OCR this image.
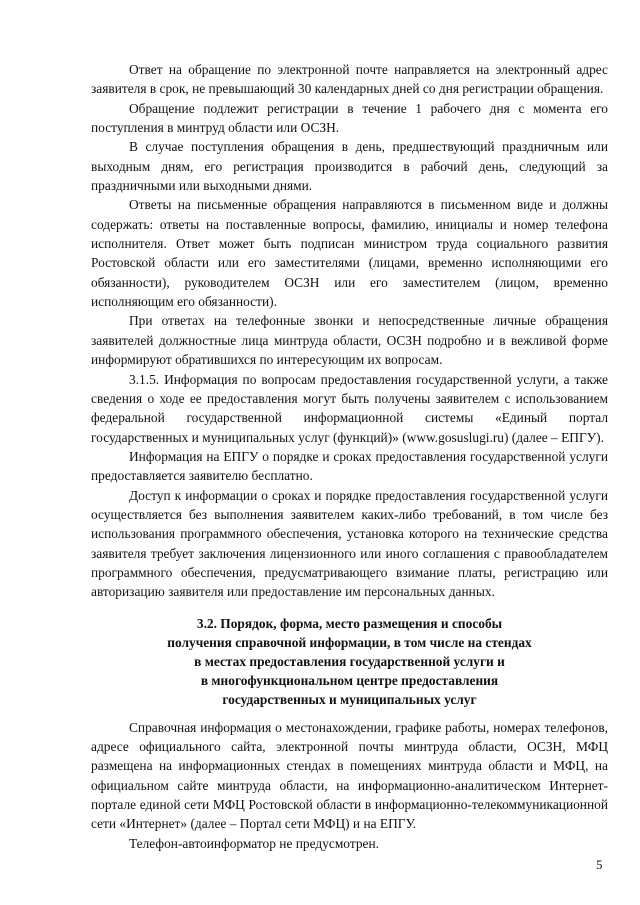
Ответ на обращение по электронной почте направляется на электронный адрес заявителя в срок, не превышающий 30 календарных дней со дня регистрации обращения.

Обращение подлежит регистрации в течение 1 рабочего дня с момента его поступления в минтруд области или ОСЗН.

В случае поступления обращения в день, предшествующий праздничным или выходным дням, его регистрация производится в рабочий день, следующий за праздничными или выходными днями.

Ответы на письменные обращения направляются в письменном виде и должны содержать: ответы на поставленные вопросы, фамилию, инициалы и номер телефона исполнителя. Ответ может быть подписан министром труда социального развития Ростовской области или его заместителями (лицами, временно исполняющими его обязанности), руководителем ОСЗН или его заместителем (лицом, временно исполняющим его обязанности).

При ответах на телефонные звонки и непосредственные личные обращения заявителей должностные лица минтруда области, ОСЗН подробно и в вежливой форме информируют обратившихся по интересующим их вопросам.

3.1.5. Информация по вопросам предоставления государственной услуги, а также сведения о ходе ее предоставления могут быть получены заявителем с использованием федеральной государственной информационной системы «Единый портал государственных и муниципальных услуг (функций)» (www.gosuslugi.ru) (далее – ЕПГУ).

Информация на ЕПГУ о порядке и сроках предоставления государственной услуги предоставляется заявителю бесплатно.

Доступ к информации о сроках и порядке предоставления государственной услуги осуществляется без выполнения заявителем каких-либо требований, в том числе без использования программного обеспечения, установка которого на технические средства заявителя требует заключения лицензионного или иного соглашения с правообладателем программного обеспечения, предусматривающего взимание платы, регистрацию или авторизацию заявителя или предоставление им персональных данных.

3.2. Порядок, форма, место размещения и способы
получения справочной информации, в том числе на стендах
в местах предоставления государственной услуги и
в многофункциональном центре предоставления
государственных и муниципальных услуг

Справочная информация о местонахождении, графике работы, номерах телефонов, адресе официального сайта, электронной почты минтруда области, ОСЗН, МФЦ размещена на информационных стендах в помещениях минтруда области и МФЦ, на официальном сайте минтруда области, на информационно-аналитическом Интернет-портале единой сети МФЦ Ростовской области в информационно-телекоммуникационной сети «Интернет» (далее – Портал сети МФЦ) и на ЕПГУ.

Телефон-автоинформатор не предусмотрен.

5
